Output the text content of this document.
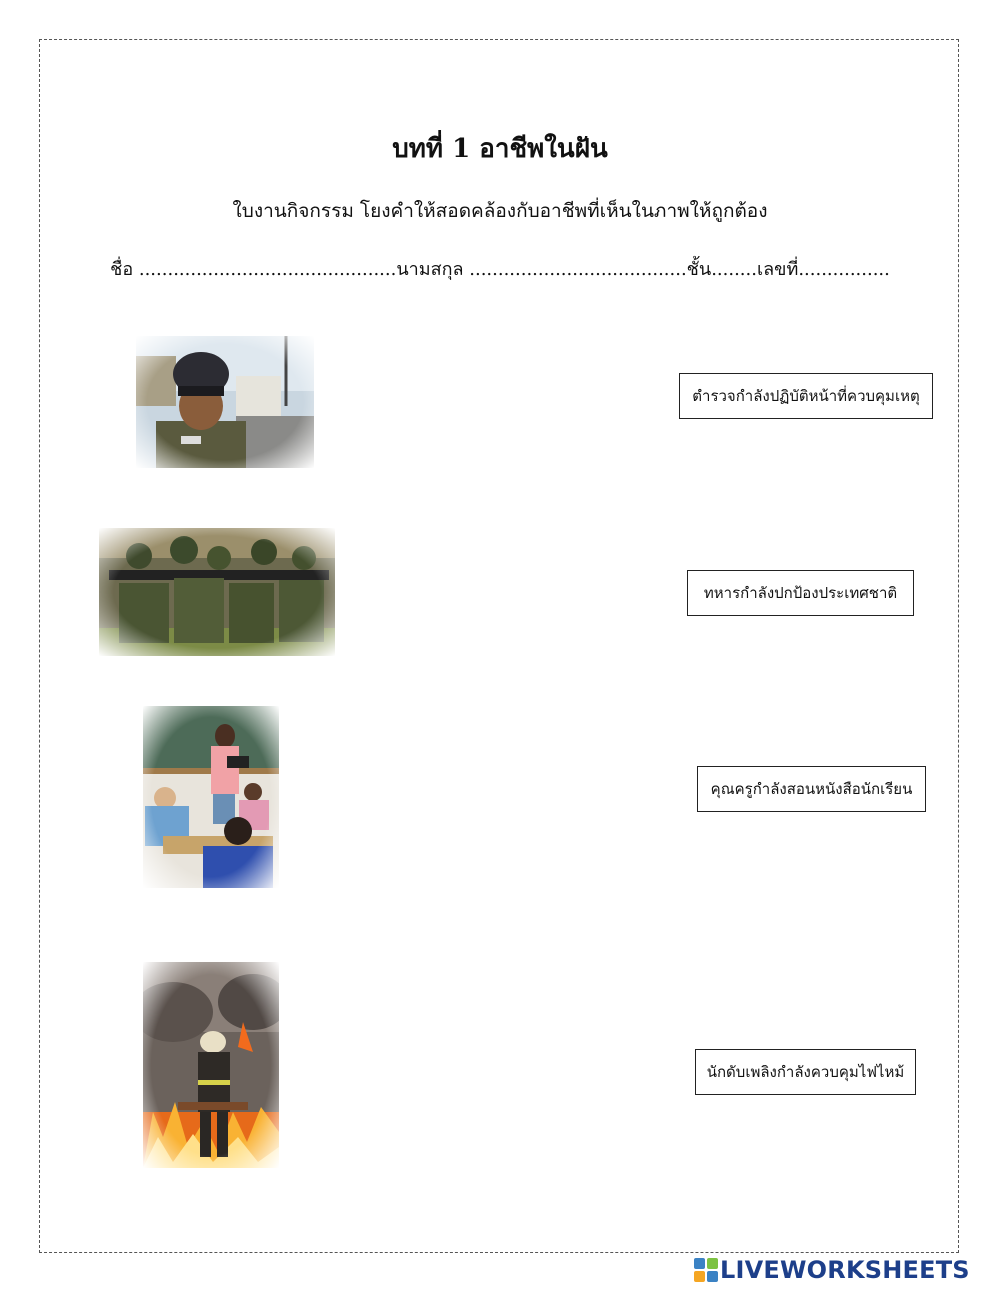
บทที่ 1 อาชีพในฝัน
ใบงานกิจกรรม โยงคำให้สอดคล้องกับอาชีพที่เห็นในภาพให้ถูกต้อง
ชื่อ .............................................นามสกุล ......................................ชั้น........เลขที่................
ตำรวจกำลังปฏิบัติหน้าที่ควบคุมเหตุ
ทหารกำลังปกป้องประเทศชาติ
คุณครูกำลังสอนหนังสือนักเรียน
นักดับเพลิงกำลังควบคุมไฟไหม้
LIVEWORKSHEETS
